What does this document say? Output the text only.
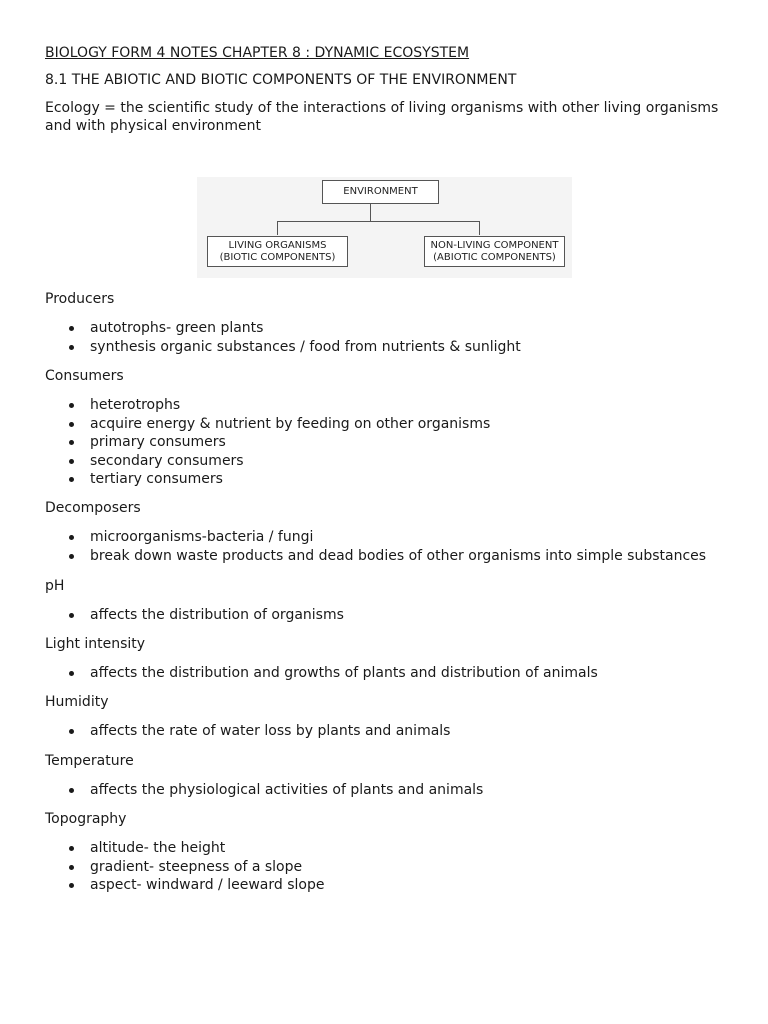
BIOLOGY FORM 4 NOTES CHAPTER 8 : DYNAMIC ECOSYSTEM

8.1 THE ABIOTIC AND BIOTIC COMPONENTS OF THE ENVIRONMENT

Ecology = the scientific study of the interactions of living organisms with other living organisms

and with physical environment

ENVIRONMENT
LIVING ORGANISMS
(BIOTIC COMPONENTS)
NON-LIVING COMPONENT
(ABIOTIC COMPONENTS)

Producers

autotrophs- green plants
synthesis organic substances / food from nutrients & sunlight

Consumers

heterotrophs
acquire energy & nutrient by feeding on other organisms
primary consumers
secondary consumers
tertiary consumers

Decomposers

microorganisms-bacteria / fungi
break down waste products and dead bodies of other organisms into simple substances

pH

affects the distribution of organisms

Light intensity

affects the distribution and growths of plants and distribution of animals

Humidity

affects the rate of water loss by plants and animals

Temperature

affects the physiological activities of plants and animals

Topography

altitude- the height
gradient- steepness of a slope
aspect- windward / leeward slope
